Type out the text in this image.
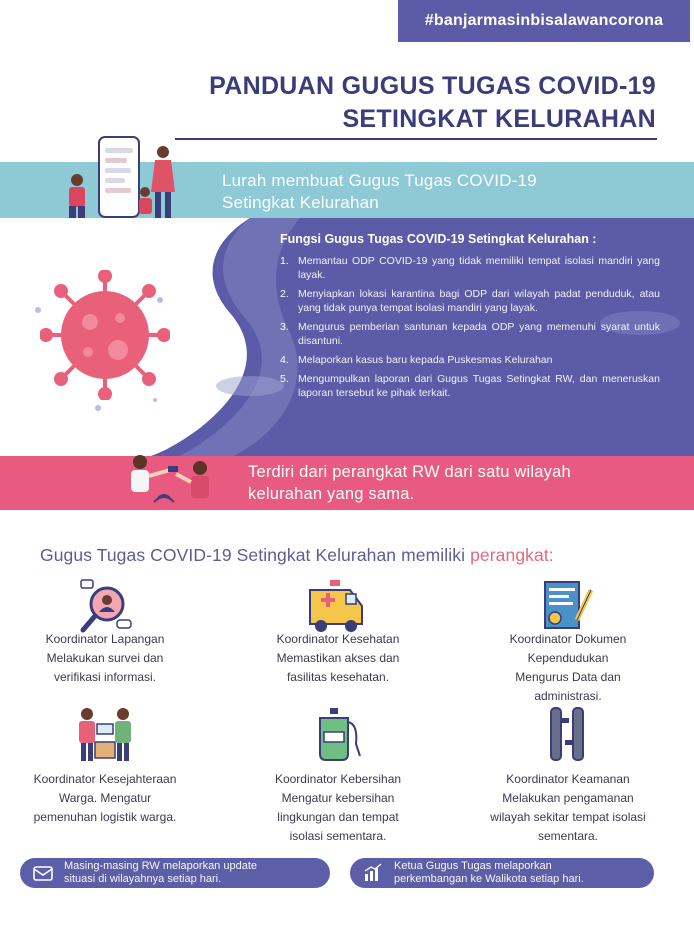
#banjarmasinbisalawancorona
PANDUAN GUGUS TUGAS COVID-19
SETINGKAT KELURAHAN
Lurah membuat Gugus Tugas COVID-19
Setingkat Kelurahan
Fungsi Gugus Tugas COVID-19 Setingkat Kelurahan :
1. Memantau ODP COVID-19 yang tidak memiliki tempat isolasi mandiri yang layak.
2. Menyiapkan lokasi karantina bagi ODP dari wilayah padat penduduk, atau yang tidak punya tempat isolasi mandiri yang layak.
3. Mengurus pemberian santunan kepada ODP yang memenuhi syarat untuk disantuni.
4. Melaporkan kasus baru kepada Puskesmas Kelurahan
5. Mengumpulkan laporan dari Gugus Tugas Setingkat RW, dan meneruskan laporan tersebut ke pihak terkait.
Terdiri dari perangkat RW dari satu wilayah
kelurahan yang sama.
Gugus Tugas COVID-19 Setingkat Kelurahan memiliki perangkat:
Koordinator Lapangan
Melakukan survei dan
verifikasi informasi.
Koordinator Kesehatan
Memastikan akses dan
fasilitas kesehatan.
Koordinator Dokumen
Kependudukan
Mengurus Data dan
administrasi.
Koordinator Kesejahteraan
Warga. Mengatur
pemenuhan logistik warga.
Koordinator Kebersihan
Mengatur kebersihan
lingkungan dan tempat
isolasi sementara.
Koordinator Keamanan
Melakukan pengamanan
wilayah sekitar tempat isolasi
sementara.
Masing-masing RW melaporkan update
situasi di wilayahnya setiap hari.
Ketua Gugus Tugas melaporkan
perkembangan ke Walikota setiap hari.
